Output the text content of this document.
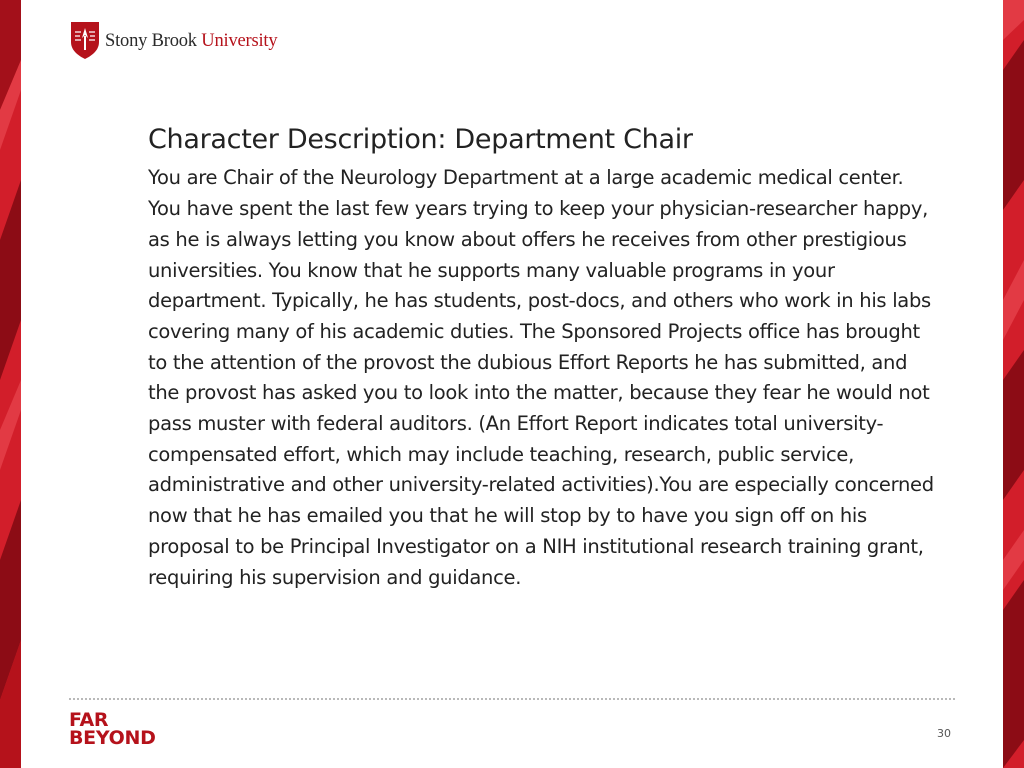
Stony Brook University
Character Description: Department Chair

You are Chair of the Neurology Department at a large academic medical center. You have spent the last few years trying to keep your physician-researcher happy, as he is always letting you know about offers he receives from other prestigious universities. You know that he supports many valuable programs in your department. Typically, he has students, post-docs, and others who work in his labs covering many of his academic duties. The Sponsored Projects office has brought to the attention of the provost the dubious Effort Reports he has submitted, and the provost has asked you to look into the matter, because they fear he would not pass muster with federal auditors. (An Effort Report indicates total university-compensated effort, which may include teaching, research, public service, administrative and other university-related activities).You are especially concerned now that he has emailed you that he will stop by to have you sign off on his proposal to be Principal Investigator on a NIH institutional research training grant, requiring his supervision and guidance.

FAR
BEYOND	30
